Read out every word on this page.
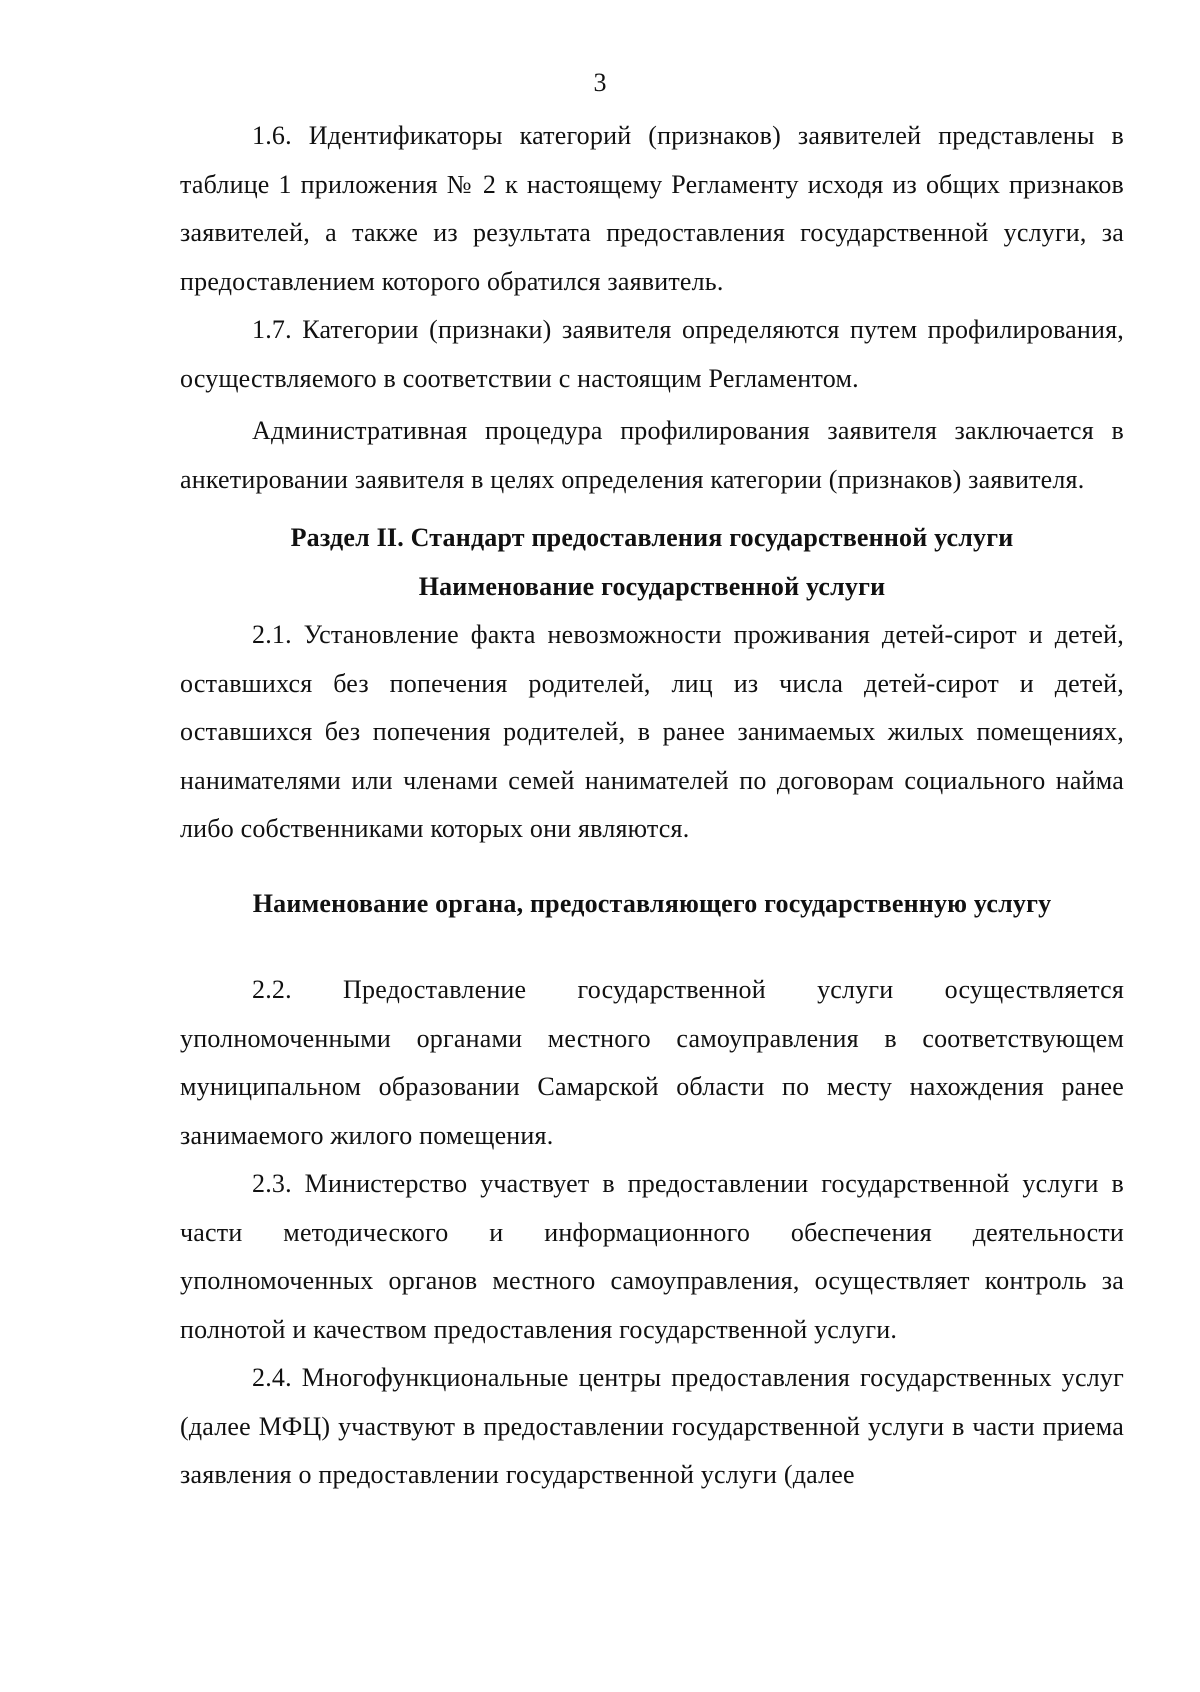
3

1.6. Идентификаторы категорий (признаков) заявителей представлены в таблице 1 приложения № 2 к настоящему Регламенту исходя из общих признаков заявителей, а также из результата предоставления государственной услуги, за предоставлением которого обратился заявитель.

1.7. Категории (признаки) заявителя определяются путем профилирования, осуществляемого в соответствии с настоящим Регламентом.

Административная процедура профилирования заявителя заключается в анкетировании заявителя в целях определения категории (признаков) заявителя.

Раздел II. Стандарт предоставления государственной услуги
Наименование государственной услуги

2.1. Установление факта невозможности проживания детей-сирот и детей, оставшихся без попечения родителей, лиц из числа детей-сирот и детей, оставшихся без попечения родителей, в ранее занимаемых жилых помещениях, нанимателями или членами семей нанимателей по договорам социального найма либо собственниками которых они являются.

Наименование органа, предоставляющего государственную услугу

2.2. Предоставление государственной услуги осуществляется уполномоченными органами местного самоуправления в соответствующем муниципальном образовании Самарской области по месту нахождения ранее занимаемого жилого помещения.

2.3. Министерство участвует в предоставлении государственной услуги в части методического и информационного обеспечения деятельности уполномоченных органов местного самоуправления, осуществляет контроль за полнотой и качеством предоставления государственной услуги.

2.4. Многофункциональные центры предоставления государственных услуг (далее МФЦ) участвуют в предоставлении государственной услуги в части приема заявления о предоставлении государственной услуги (далее
